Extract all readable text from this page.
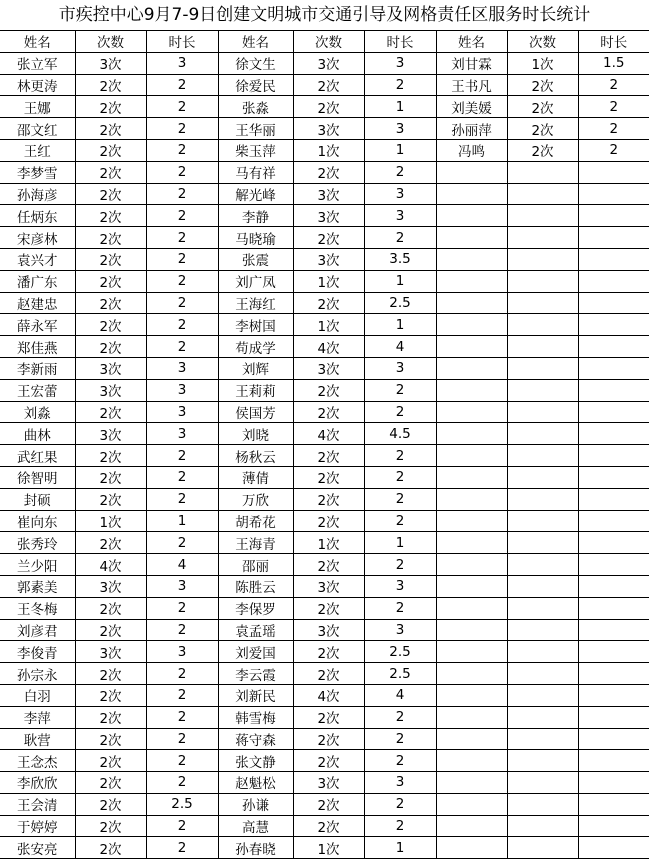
市疾控中心9月7-9日创建文明城市交通引导及网格责任区服务时长统计
姓名	次数	时长	姓名	次数	时长	姓名	次数	时长
张立军	3次	3	徐文生	3次	3	刘甘霖	1次	1.5
林更涛	2次	2	徐爱民	2次	2	王书凡	2次	2
王娜	2次	2	张淼	2次	1	刘美媛	2次	2
邵文红	2次	2	王华丽	3次	3	孙丽萍	2次	2
王红	2次	2	柴玉萍	1次	1	冯鸣	2次	2
李梦雪	2次	2	马有祥	2次	2			
孙海彦	2次	2	解光峰	3次	3			
任炳东	2次	2	李静	3次	3			
宋彦林	2次	2	马晓瑜	2次	2			
袁兴才	2次	2	张震	3次	3.5			
潘广东	2次	2	刘广凤	1次	1			
赵建忠	2次	2	王海红	2次	2.5			
薛永军	2次	2	李树国	1次	1			
郑佳燕	2次	2	苟成学	4次	4			
李新雨	3次	3	刘辉	3次	3			
王宏蕾	3次	3	王莉莉	2次	2			
刘淼	2次	3	侯国芳	2次	2			
曲林	3次	3	刘晓	4次	4.5			
武红果	2次	2	杨秋云	2次	2			
徐智明	2次	2	薄倩	2次	2			
封硕	2次	2	万欣	2次	2			
崔向东	1次	1	胡希花	2次	2			
张秀玲	2次	2	王海青	1次	1			
兰少阳	4次	4	邵丽	2次	2			
郭素美	3次	3	陈胜云	3次	3			
王冬梅	2次	2	李保罗	2次	2			
刘彦君	2次	2	袁孟瑶	3次	3			
李俊青	3次	3	刘爱国	2次	2.5			
孙宗永	2次	2	李云霞	2次	2.5			
白羽	2次	2	刘新民	4次	4			
李萍	2次	2	韩雪梅	2次	2			
耿营	2次	2	蒋守森	2次	2			
王念杰	2次	2	张文静	2次	2			
李欣欣	2次	2	赵魁松	3次	3			
王会清	2次	2.5	孙谦	2次	2			
于婷婷	2次	2	高慧	2次	2			
张安亮	2次	2	孙春晓	1次	1			
